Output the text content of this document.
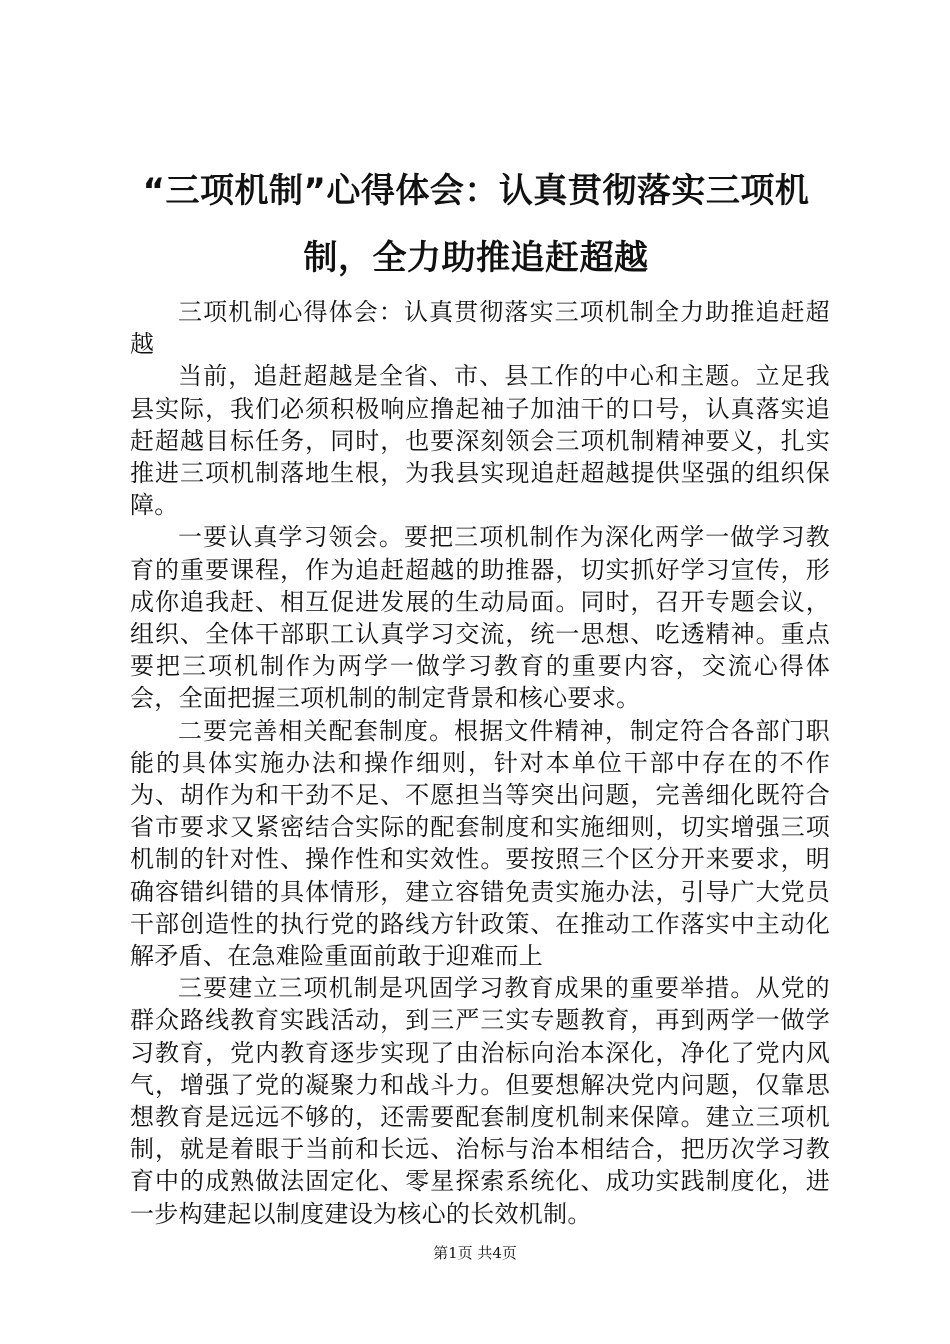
“三项机制”心得体会：认真贯彻落实三项机制，全力助推追赶超越

三项机制心得体会：认真贯彻落实三项机制全力助推追赶超越

当前，追赶超越是全省、市、县工作的中心和主题。立足我县实际，我们必须积极响应撸起袖子加油干的口号，认真落实追赶超越目标任务，同时，也要深刻领会三项机制精神要义，扎实推进三项机制落地生根，为我县实现追赶超越提供坚强的组织保障。

一要认真学习领会。要把三项机制作为深化两学一做学习教育的重要课程，作为追赶超越的助推器，切实抓好学习宣传，形成你追我赶、相互促进发展的生动局面。同时，召开专题会议，组织、全体干部职工认真学习交流，统一思想、吃透精神。重点要把三项机制作为两学一做学习教育的重要内容，交流心得体会，全面把握三项机制的制定背景和核心要求。

二要完善相关配套制度。根据文件精神，制定符合各部门职能的具体实施办法和操作细则，针对本单位干部中存在的不作为、胡作为和干劲不足、不愿担当等突出问题，完善细化既符合省市要求又紧密结合实际的配套制度和实施细则，切实增强三项机制的针对性、操作性和实效性。要按照三个区分开来要求，明确容错纠错的具体情形，建立容错免责实施办法，引导广大党员干部创造性的执行党的路线方针政策、在推动工作落实中主动化解矛盾、在急难险重面前敢于迎难而上

三要建立三项机制是巩固学习教育成果的重要举措。从党的群众路线教育实践活动，到三严三实专题教育，再到两学一做学习教育，党内教育逐步实现了由治标向治本深化，净化了党内风气，增强了党的凝聚力和战斗力。但要想解决党内问题，仅靠思想教育是远远不够的，还需要配套制度机制来保障。建立三项机制，就是着眼于当前和长远、治标与治本相结合，把历次学习教育中的成熟做法固定化、零星探索系统化、成功实践制度化，进一步构建起以制度建设为核心的长效机制。

第1页 共4页
